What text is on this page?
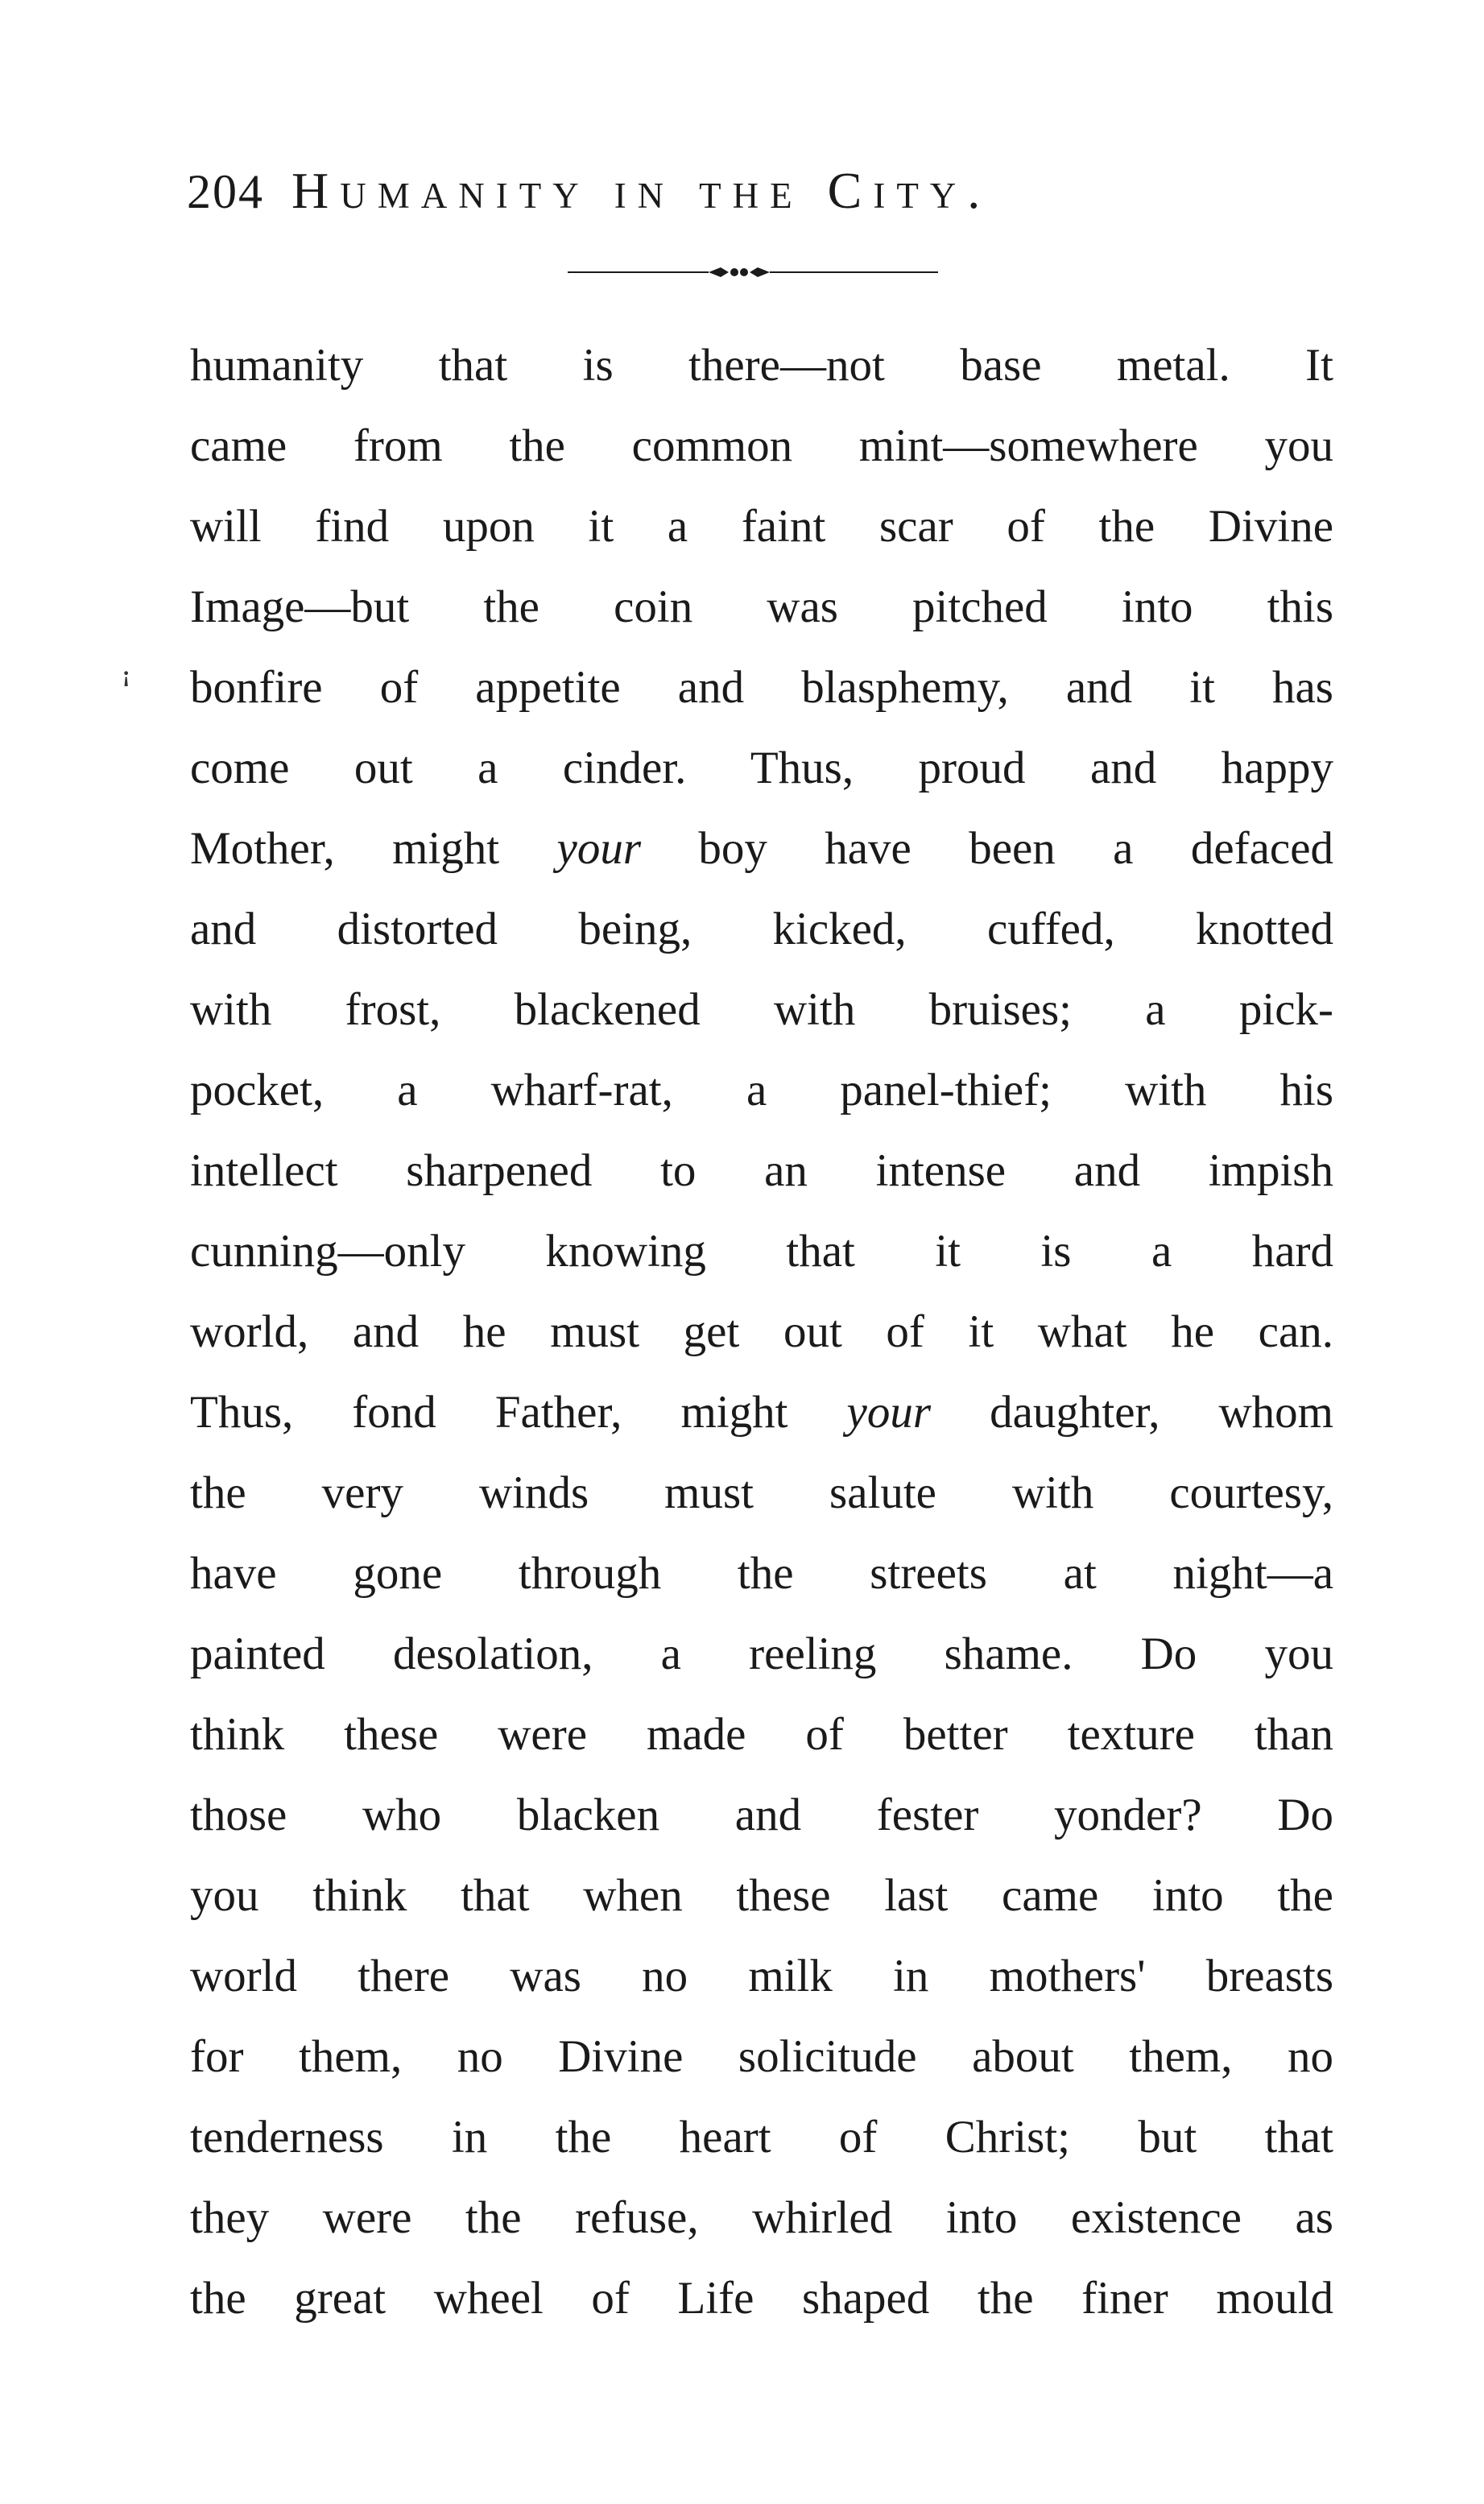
204 Humanity in the City.
ꜞ
humanity that is there—not base metal. It
came from the common mint—somewhere you
will find upon it a faint scar of the Divine
Image—but the coin was pitched into this
bonfire of appetite and blasphemy, and it has
come out a cinder. Thus, proud and happy
Mother, might your boy have been a defaced
and distorted being, kicked, cuffed, knotted
with frost, blackened with bruises; a pick-
pocket, a wharf-rat, a panel-thief; with his
intellect sharpened to an intense and impish
cunning—only knowing that it is a hard
world, and he must get out of it what he can.
Thus, fond Father, might your daughter, whom
the very winds must salute with courtesy,
have gone through the streets at night—a
painted desolation, a reeling shame. Do you
think these were made of better texture than
those who blacken and fester yonder? Do
you think that when these last came into the
world there was no milk in mothers' breasts
for them, no Divine solicitude about them, no
tenderness in the heart of Christ; but that
they were the refuse, whirled into existence as
the great wheel of Life shaped the finer mould
